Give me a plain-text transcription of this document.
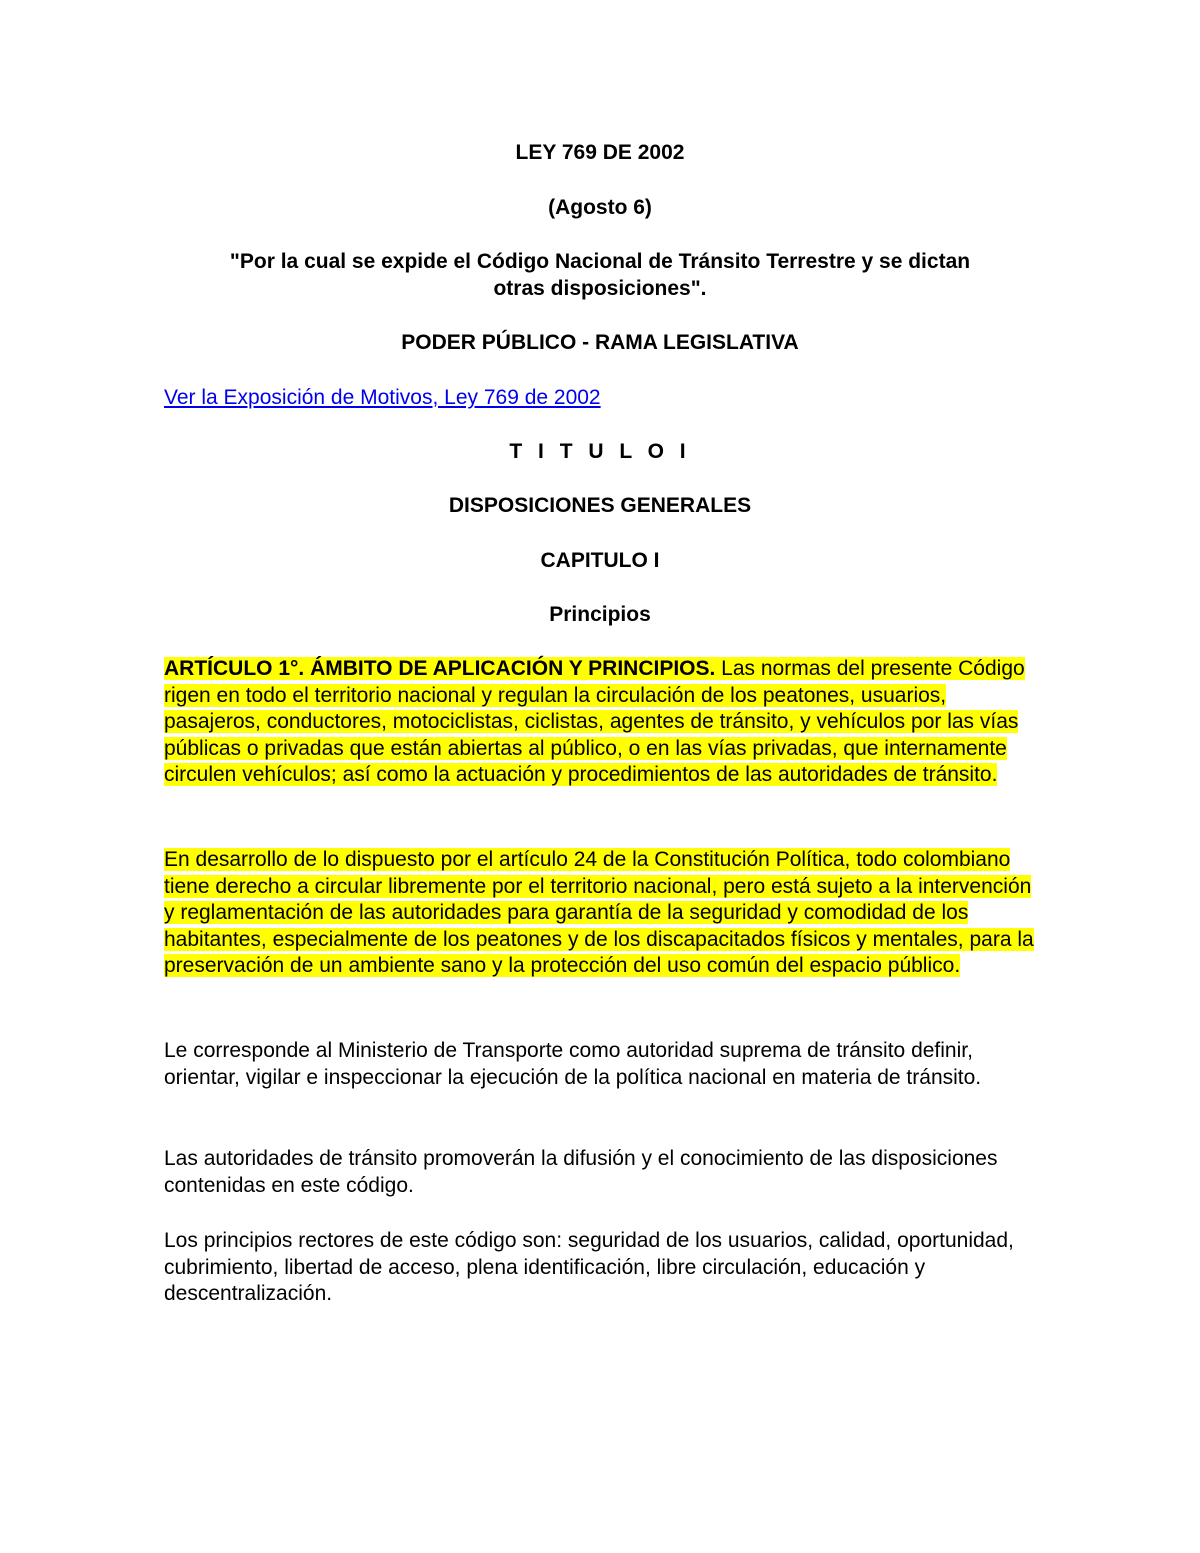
LEY 769 DE 2002

(Agosto 6)

"Por la cual se expide el Código Nacional de Tránsito Terrestre y se dictan

otras disposiciones".

PODER PÚBLICO - RAMA LEGISLATIVA

Ver la Exposición de Motivos, Ley 769 de 2002

T I T U L O I

DISPOSICIONES GENERALES

CAPITULO I

Principios

ARTÍCULO 1°. ÁMBITO DE APLICACIÓN Y PRINCIPIOS. Las normas del presente Código rigen en todo el territorio nacional y regulan la circulación de los peatones, usuarios, pasajeros, conductores, motociclistas, ciclistas, agentes de tránsito, y vehículos por las vías públicas o privadas que están abiertas al público, o en las vías privadas, que internamente circulen vehículos; así como la actuación y procedimientos de las autoridades de tránsito.

En desarrollo de lo dispuesto por el artículo 24 de la Constitución Política, todo colombiano tiene derecho a circular libremente por el territorio nacional, pero está sujeto a la intervención y reglamentación de las autoridades para garantía de la seguridad y comodidad de los habitantes, especialmente de los peatones y de los discapacitados físicos y mentales, para la preservación de un ambiente sano y la protección del uso común del espacio público.

Le corresponde al Ministerio de Transporte como autoridad suprema de tránsito definir, orientar, vigilar e inspeccionar la ejecución de la política nacional en materia de tránsito.

Las autoridades de tránsito promoverán la difusión y el conocimiento de las disposiciones contenidas en este código.

Los principios rectores de este código son: seguridad de los usuarios, calidad, oportunidad, cubrimiento, libertad de acceso, plena identificación, libre circulación, educación y descentralización.
